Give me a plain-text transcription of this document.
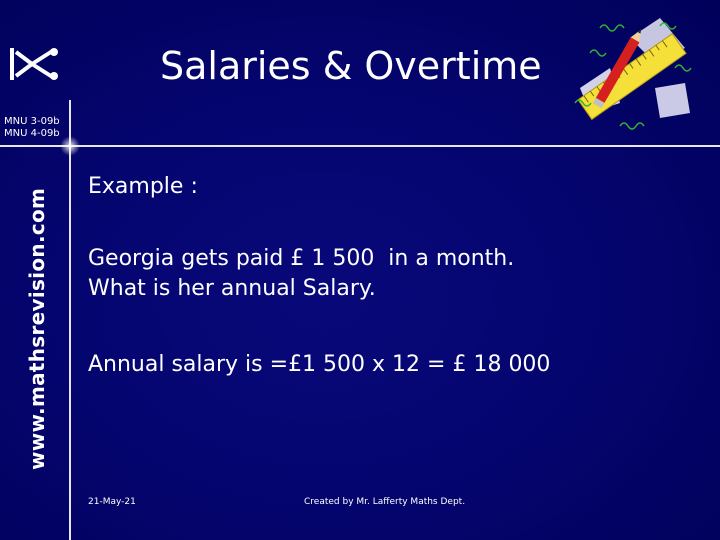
Salaries & Overtime
MNU 3-09b
MNU 4-09b
www.mathsrevision.com
Example :
Georgia gets paid £ 1 500  in a month.
What is her annual Salary.
Annual salary is =£1 500 x 12 = £ 18 000
21-May-21	Created by Mr. Lafferty Maths Dept.
